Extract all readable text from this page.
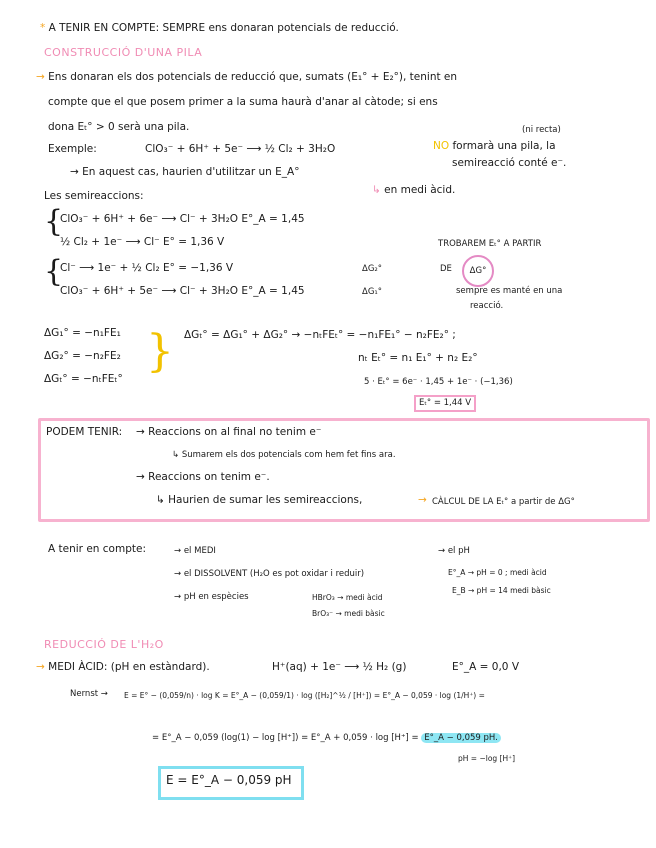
* A TENIR EN COMPTE: SEMPRE ens donaran potencials de reducció.
CONSTRUCCIÓ D'UNA PILA
→ Ens donaran els dos potencials de reducció que, sumats (E₁° + E₂°), tenint en
compte que el que posem primer a la suma haurà d'anar al càtode; si ens
dona Eₜ° > 0 serà una pila.	(ni recta)
Exemple:	ClO₃⁻ + 6H⁺ + 5e⁻ ⟶ ½ Cl₂ + 3H₂O	NO formarà una pila, la
semireacció conté e⁻.
→ En aquest cas, haurien d'utilitzar un E_A°
↳ en medi àcid.
Les semireaccions:
{
ClO₃⁻ + 6H⁺ + 6e⁻ ⟶ Cl⁻ + 3H₂O E°_A = 1,45
½ Cl₂ + 1e⁻ ⟶ Cl⁻ E° = 1,36 V
{
Cl⁻ ⟶ 1e⁻ + ½ Cl₂ E° = −1,36 V	ΔG₂°
ClO₃⁻ + 6H⁺ + 5e⁻ ⟶ Cl⁻ + 3H₂O E°_A = 1,45	ΔG₁°
TROBAREM Eₜ° A PARTIR
DE	ΔG°
sempre es manté en una
reacció.
ΔG₁° = −n₁FE₁
ΔG₂° = −n₂FE₂
ΔGₜ° = −nₜFEₜ°
{ ΔGₜ° = ΔG₁° + ΔG₂° → −nₜFEₜ° = −n₁FE₁° − n₂FE₂° ;
nₜ Eₜ° = n₁ E₁° + n₂ E₂°
5 · Eₜ° = 6e⁻ · 1,45 + 1e⁻ · (−1,36)
Eₜ° = 1,44 V
PODEM TENIR: → Reaccions on al final no tenim e⁻
↳ Sumarem els dos potencials com hem fet fins ara.
→ Reaccions on tenim e⁻.
↳ Haurien de sumar les semireaccions,	→ CÀLCUL DE LA Eₜ° a partir de ΔG°
A tenir en compte:	→ el MEDI
→ el DISSOLVENT (H₂O es pot oxidar i reduir)
→ pH en espècies	HBrO₃ → medi àcid
BrO₃⁻ → medi bàsic
→ el pH
E°_A → pH = 0 ; medi àcid
E_B → pH = 14 medi bàsic
REDUCCIÓ DE L'H₂O
→ MEDI ÀCID: (pH en estàndard).	H⁺(aq) + 1e⁻ ⟶ ½ H₂ (g)	E°_A = 0,0 V
Nernst → E = E° − (0,059/n) · log K = E°_A − (0,059/1) · log ([H₂]^½ / [H⁺]) = E°_A − 0,059 · log (1/H⁺) =
= E°_A − 0,059 (log(1) − log [H⁺]) = E°_A + 0,059 · log [H⁺] = E°_A − 0,059 pH.
pH = −log [H⁺]
E = E°_A − 0,059 pH
